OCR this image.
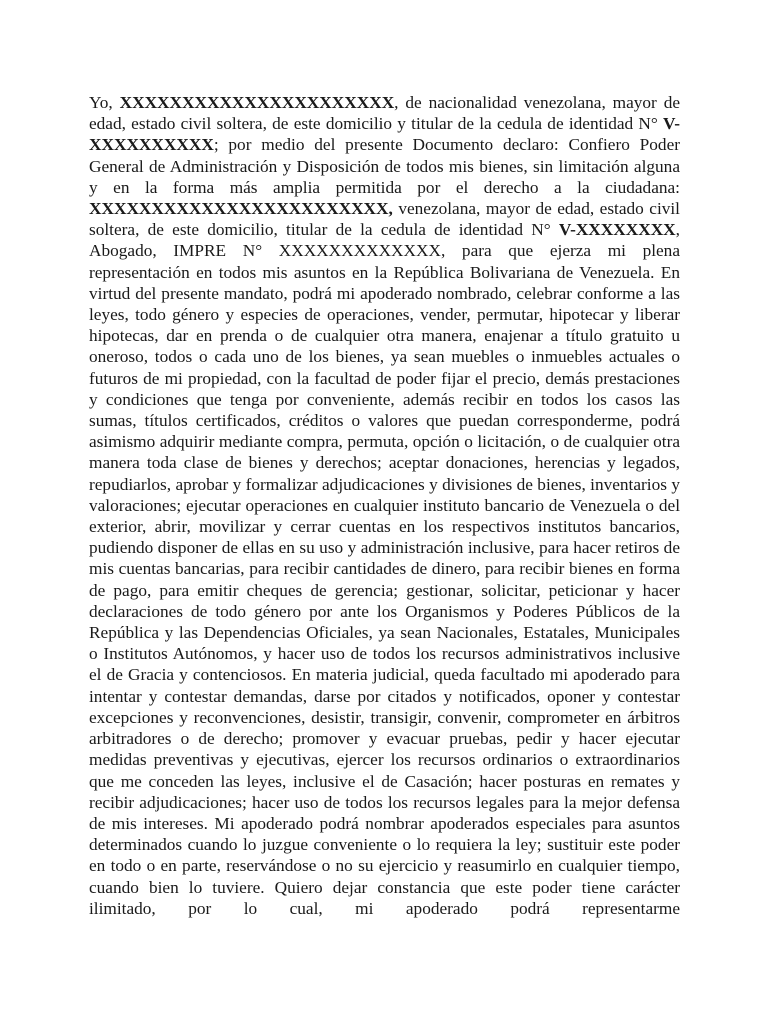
Yo, XXXXXXXXXXXXXXXXXXXXXX, de nacionalidad venezolana, mayor de edad, estado civil soltera, de este domicilio y titular de la cedula de identidad N° V-XXXXXXXXXX; por medio del presente Documento declaro: Confiero Poder General de Administración y Disposición de todos mis bienes, sin limitación alguna y en la forma más amplia permitida por el derecho a la ciudadana: XXXXXXXXXXXXXXXXXXXXXXXX, venezolana, mayor de edad, estado civil soltera, de este domicilio, titular de la cedula de identidad N° V-XXXXXXXX, Abogado, IMPRE N° XXXXXXXXXXXXX, para que ejerza mi plena representación en todos mis asuntos en la República Bolivariana de Venezuela. En virtud del presente mandato, podrá mi apoderado nombrado, celebrar conforme a las leyes, todo género y especies de operaciones, vender, permutar, hipotecar y liberar hipotecas, dar en prenda o de cualquier otra manera, enajenar a título gratuito u oneroso, todos o cada uno de los bienes, ya sean muebles o inmuebles actuales o futuros de mi propiedad, con la facultad de poder fijar el precio, demás prestaciones y condiciones que tenga por conveniente, además recibir en todos los casos las sumas, títulos certificados, créditos o valores que puedan corresponderme, podrá asimismo adquirir mediante compra, permuta, opción o licitación, o de cualquier otra manera toda clase de bienes y derechos; aceptar donaciones, herencias y legados, repudiarlos, aprobar y formalizar adjudicaciones y divisiones de bienes, inventarios y valoraciones; ejecutar operaciones en cualquier instituto bancario de Venezuela o del exterior, abrir, movilizar y cerrar cuentas en los respectivos institutos bancarios, pudiendo disponer de ellas en su uso y administración inclusive, para hacer retiros de mis cuentas bancarias, para recibir cantidades de dinero, para recibir bienes en forma de pago, para emitir cheques de gerencia; gestionar, solicitar, peticionar y hacer declaraciones de todo género por ante los Organismos y Poderes Públicos de la República y las Dependencias Oficiales, ya sean Nacionales, Estatales, Municipales o Institutos Autónomos, y hacer uso de todos los recursos administrativos inclusive el de Gracia y contenciosos. En materia judicial, queda facultado mi apoderado para intentar y contestar demandas, darse por citados y notificados, oponer y contestar excepciones y reconvenciones, desistir, transigir, convenir, comprometer en árbitros arbitradores o de derecho; promover y evacuar pruebas, pedir y hacer ejecutar medidas preventivas y ejecutivas, ejercer los recursos ordinarios o extraordinarios que me conceden las leyes, inclusive el de Casación; hacer posturas en remates y recibir adjudicaciones; hacer uso de todos los recursos legales para la mejor defensa de mis intereses. Mi apoderado podrá nombrar apoderados especiales para asuntos determinados cuando lo juzgue conveniente o lo requiera la ley; sustituir este poder en todo o en parte, reservándose o no su ejercicio y reasumirlo en cualquier tiempo, cuando bien lo tuviere. Quiero dejar constancia que este poder tiene carácter ilimitado, por lo cual, mi apoderado podrá representarme
